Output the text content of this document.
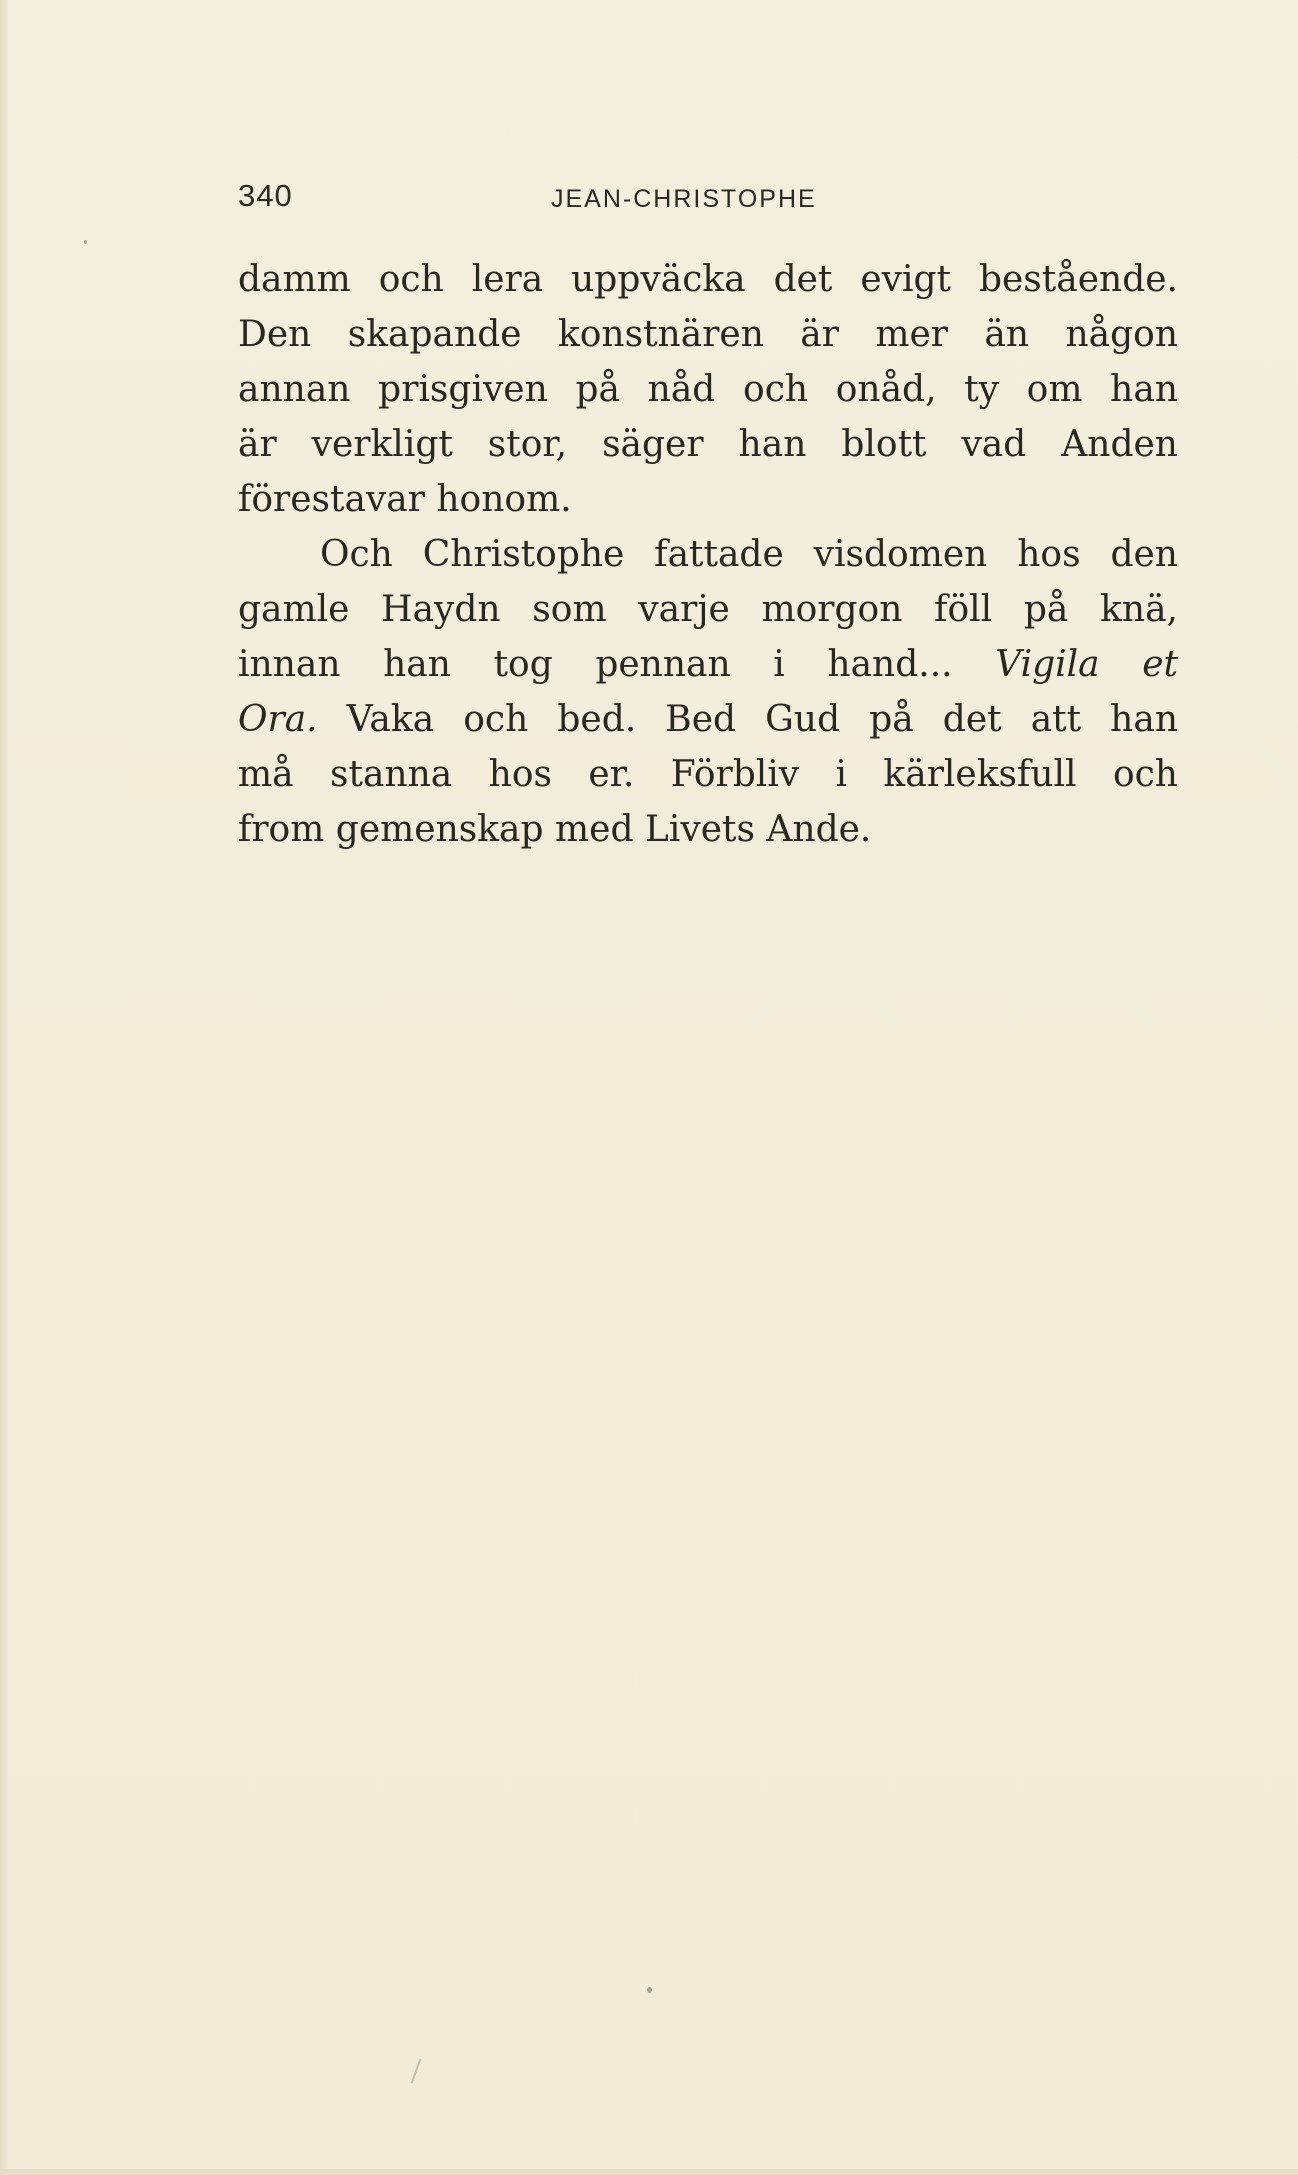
340	JEAN-CHRISTOPHE
damm och lera uppväcka det evigt bestående.
Den skapande konstnären är mer än någon
annan prisgiven på nåd och onåd, ty om han
är verkligt stor, säger han blott vad Anden
förestavar honom.
Och Christophe fattade visdomen hos den
gamle Haydn som varje morgon föll på knä,
innan han tog pennan i hand... Vigila et
Ora. Vaka och bed. Bed Gud på det att han
må stanna hos er. Förbliv i kärleksfull och
from gemenskap med Livets Ande.
